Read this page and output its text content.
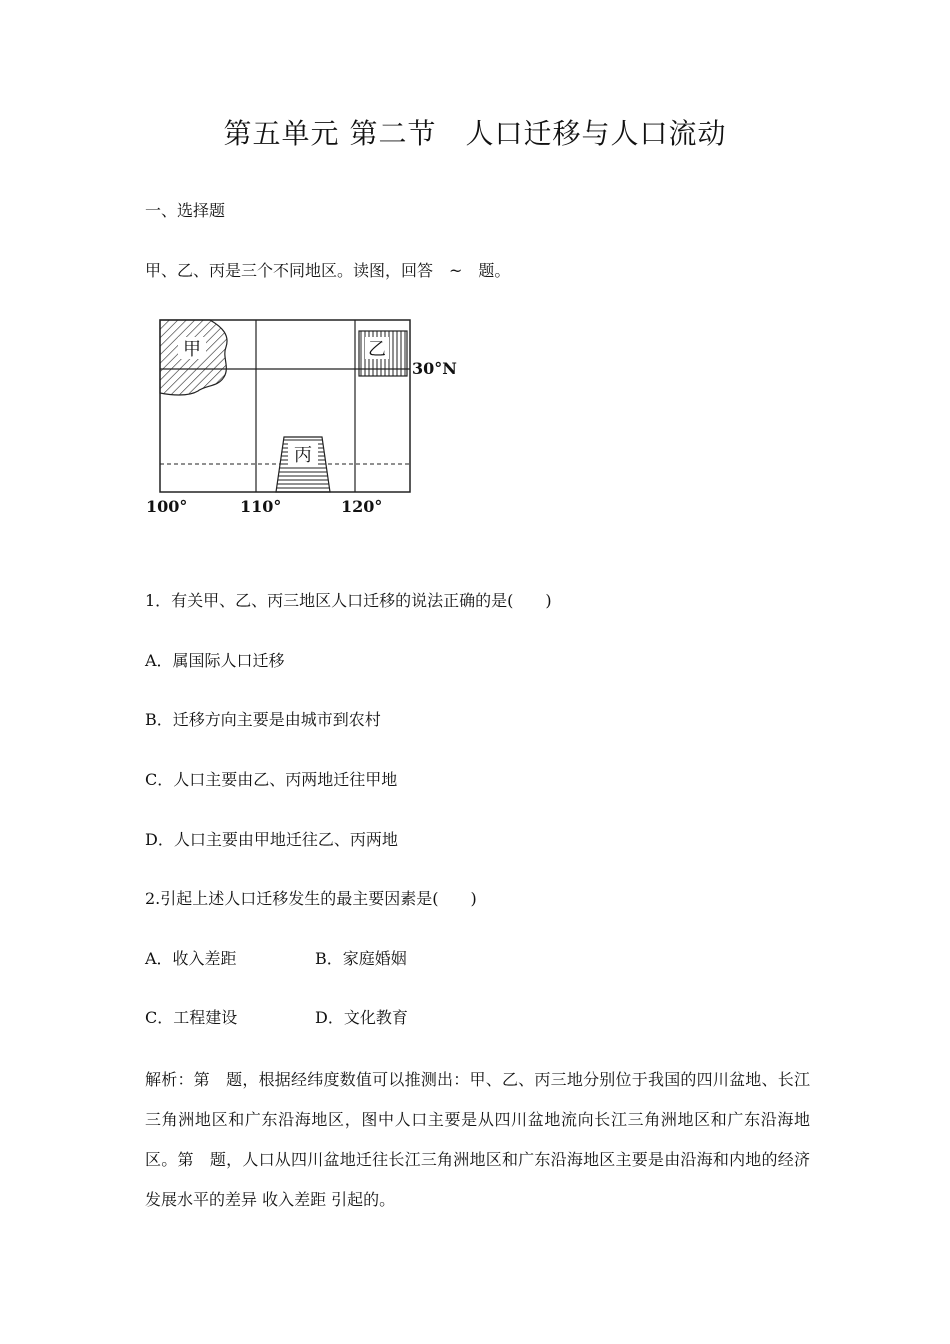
第五单元 第二节　人口迁移与人口流动
一、选择题
甲、乙、丙是三个不同地区。读图，回答　~　题。
甲	乙
30°N
丙
100°	110°	120°
1．有关甲、乙、丙三地区人口迁移的说法正确的是(　　)
A．属国际人口迁移
B．迁移方向主要是由城市到农村
C．人口主要由乙、丙两地迁往甲地
D．人口主要由甲地迁往乙、丙两地
2.引起上述人口迁移发生的最主要因素是(　　)
A．收入差距	B．家庭婚姻
C．工程建设	D．文化教育

解析：第　题，根据经纬度数值可以推测出：甲、乙、丙三地分别位于我国的四川盆地、长江三角洲地区和广东沿海地区，图中人口主要是从四川盆地流向长江三角洲地区和广东沿海地区。第　题，人口从四川盆地迁往长江三角洲地区和广东沿海地区主要是由沿海和内地的经济发展水平的差异 收入差距 引起的。
